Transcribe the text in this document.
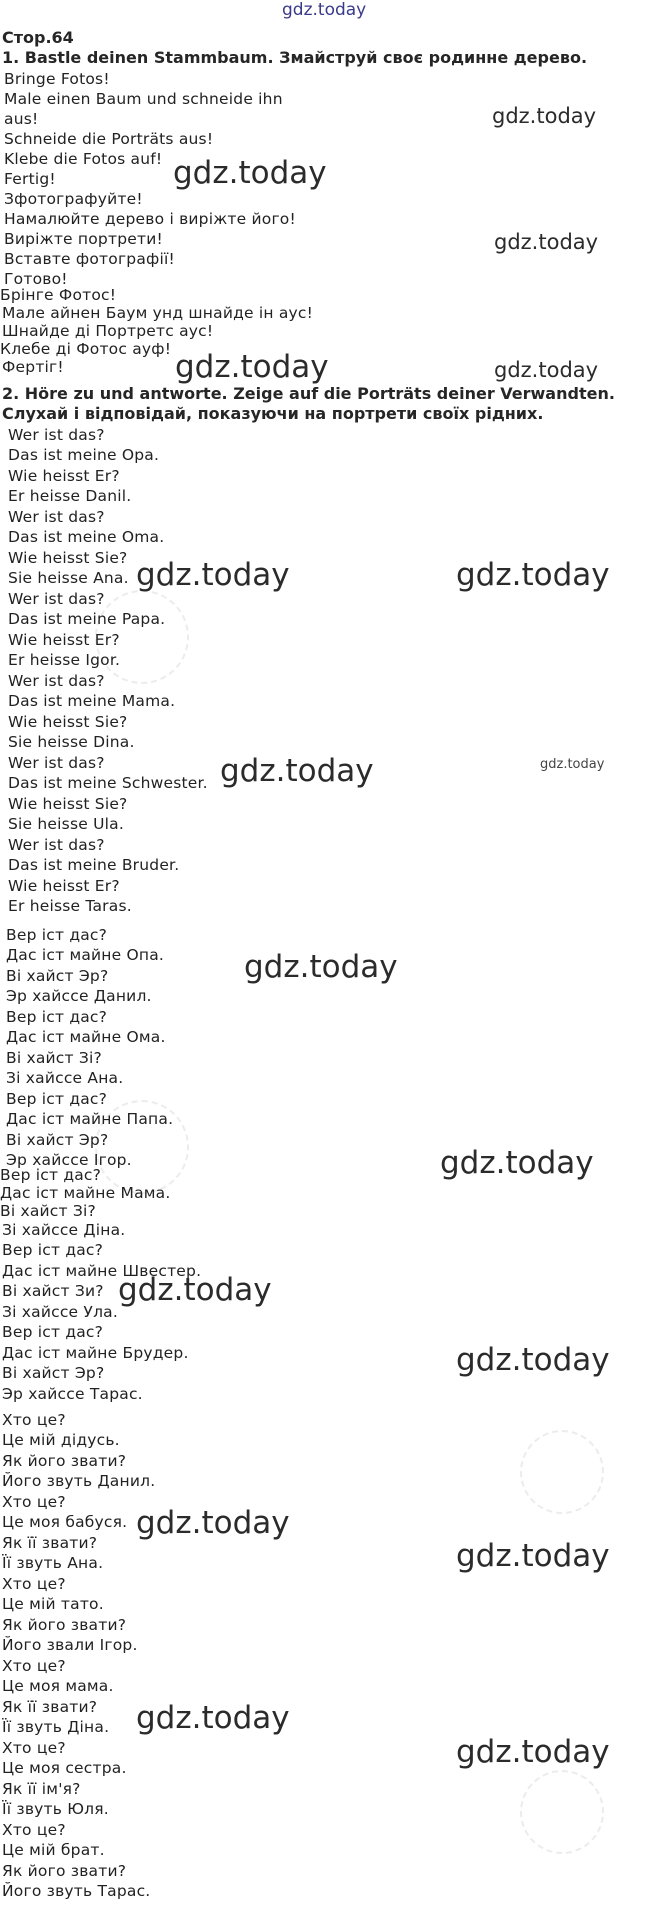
gdz.today
Стор.64
1. Bastle deinen Stammbaum. Змайструй своє родинне дерево.
Bringe Fotos!
Male einen Baum und schneide ihn
aus!
Schneide die Porträts aus!
Klebe die Fotos auf!
Fertig!
Зфотографуйте!
Намалюйте дерево і виріжте його!
Виріжте портрети!
Вставте фотографії!
Готово!
Брінге Фотос!
Мале айнен Баум унд шнайде ін аус!
Шнайде ді Портретс аус!
Клебе ді Фотос ауф!
Фертіг!
2. Höre zu und antworte. Zeige auf die Porträts deiner Verwandten.
Слухай і відповідай, показуючи на портрети своїх рідних.
Wer ist das?
Das ist meine Opa.
Wie heisst Er?
Er heisse Danil.
Wer ist das?
Das ist meine Oma.
Wie heisst Sie?
Sie heisse Ana.
Wer ist das?
Das ist meine Papa.
Wie heisst Er?
Er heisse Igor.
Wer ist das?
Das ist meine Mama.
Wie heisst Sie?
Sie heisse Dina.
Wer ist das?
Das ist meine Schwester.
Wie heisst Sie?
Sie heisse Ula.
Wer ist das?
Das ist meine Bruder.
Wie heisst Er?
Er heisse Taras.
Вер іст дас?
Дас іст майне Опа.
Ві хайст Эр?
Эр хайссе Данил.
Вер іст дас?
Дас іст майне Ома.
Ві хайст Зі?
Зі хайссе Ана.
Вер іст дас?
Дас іст майне Папа.
Ві хайст Эр?
Эр хайссе Ігор.
Вер іст дас?
Дас іст майне Мама.
Ві хайст Зі?
Зі хайссе Діна.
Вер іст дас?
Дас іст майне Швестер.
Ві хайст Зи?
Зі хайссе Ула.
Вер іст дас?
Дас іст майне Брудер.
Ві хайст Эр?
Эр хайссе Тарас.
Хто це?
Це мій дідусь.
Як його звати?
Його звуть Данил.
Хто це?
Це моя бабуся.
Як її звати?
Її звуть Ана.
Хто це?
Це мій тато.
Як його звати?
Його звали Ігор.
Хто це?
Це моя мама.
Як її звати?
Її звуть Діна.
Хто це?
Це моя сестра.
Як її ім'я?
Її звуть Юля.
Хто це?
Це мій брат.
Як його звати?
Його звуть Тарас.
gdz.today
gdz.today
gdz.today
gdz.today	gdz.today
gdz.today	gdz.today
gdz.today	gdz.today
gdz.today
gdz.today
gdz.today
gdz.today
gdz.today
gdz.today
gdz.today
gdz.today
